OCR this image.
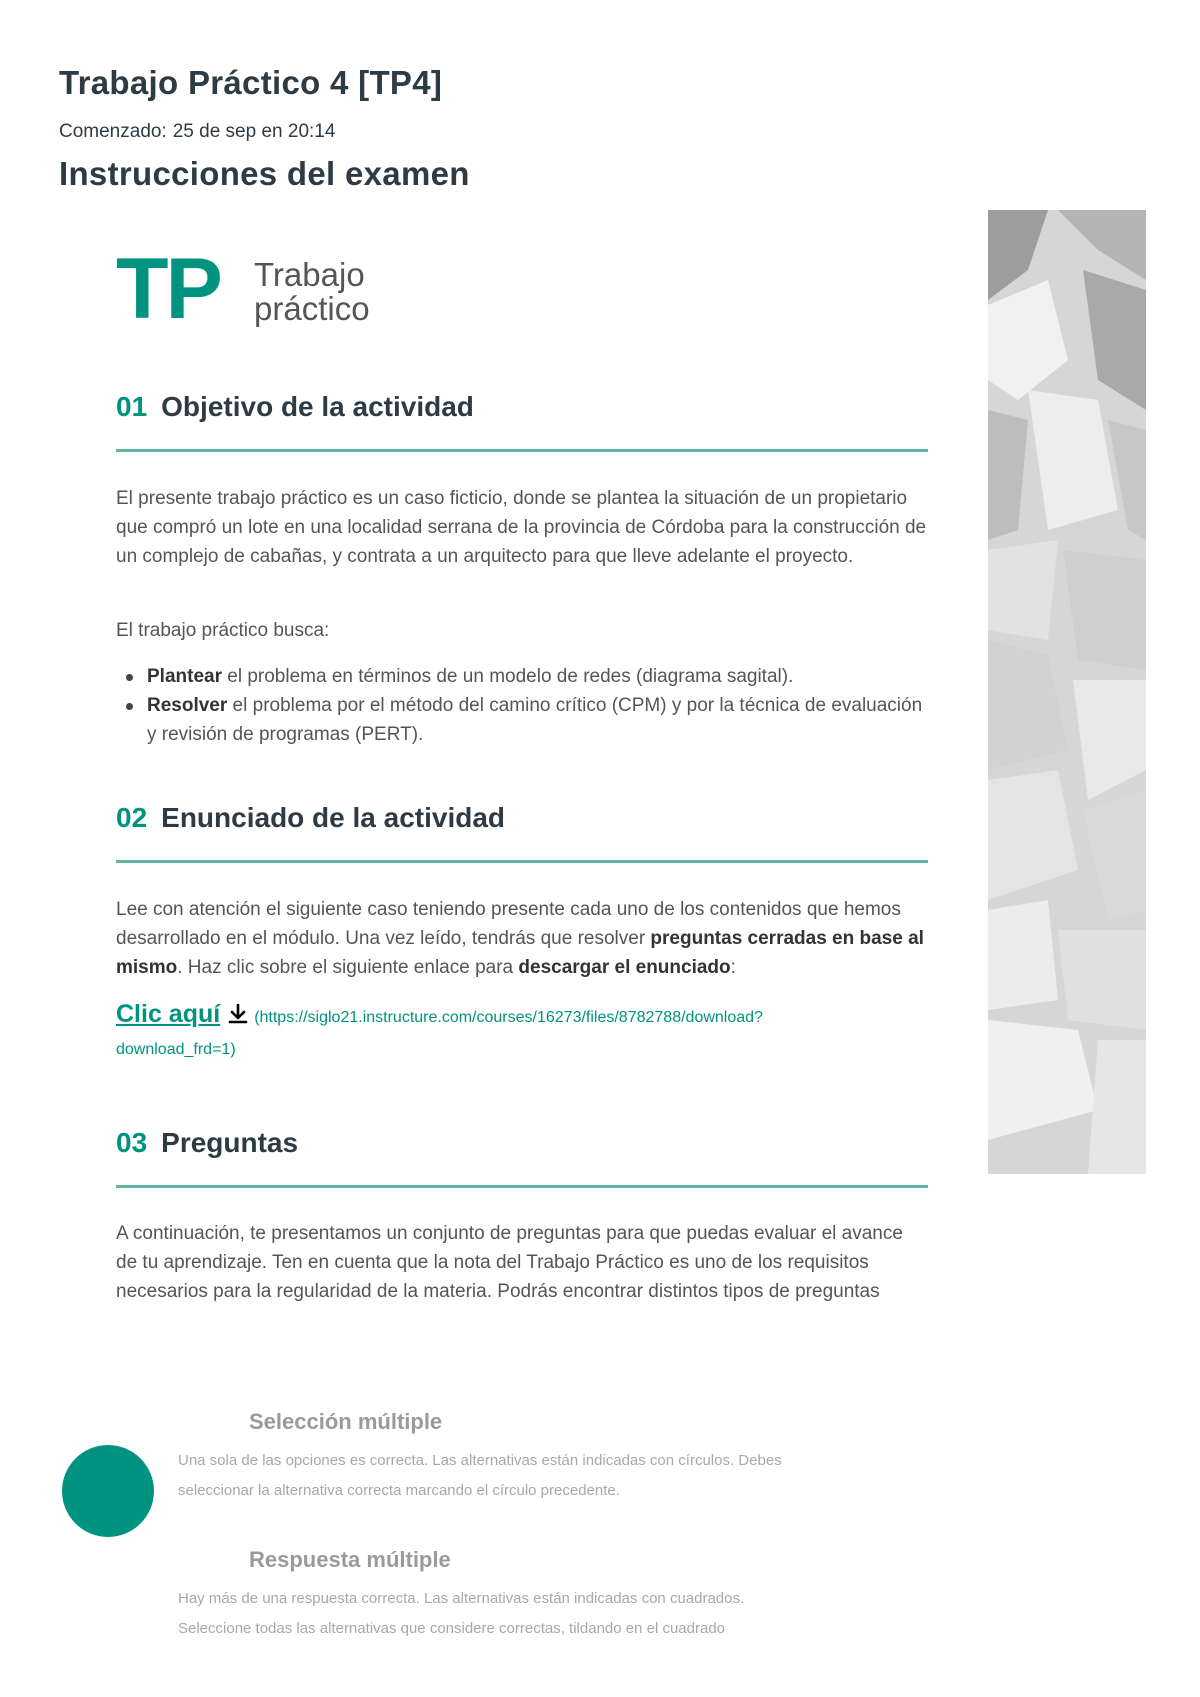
Trabajo Práctico 4 [TP4]
Comenzado: 25 de sep en 20:14
Instrucciones del examen
TP Trabajo
práctico
01 Objetivo de la actividad

El presente trabajo práctico es un caso ficticio, donde se plantea la situación de un propietario que compró un lote en una localidad serrana de la provincia de Córdoba para la construcción de un complejo de cabañas, y contrata a un arquitecto para que lleve adelante el proyecto.

El trabajo práctico busca:

Plantear el problema en términos de un modelo de redes (diagrama sagital).
Resolver el problema por el método del camino crítico (CPM) y por la técnica de evaluación y revisión de programas (PERT).
02 Enunciado de la actividad

Lee con atención el siguiente caso teniendo presente cada uno de los contenidos que hemos desarrollado en el módulo. Una vez leído, tendrás que resolver preguntas cerradas en base al mismo. Haz clic sobre el siguiente enlace para descargar el enunciado:

Clic aquí (https://siglo21.instructure.com/courses/16273/files/8782788/download?
download_frd=1)
03 Preguntas

A continuación, te presentamos un conjunto de preguntas para que puedas evaluar el avance de tu aprendizaje. Ten en cuenta que la nota del Trabajo Práctico es uno de los requisitos necesarios para la regularidad de la materia. Podrás encontrar distintos tipos de preguntas

Selección múltiple

Una sola de las opciones es correcta. Las alternativas están indicadas con círculos. Debes
seleccionar la alternativa correcta marcando el círculo precedente.

Respuesta múltiple

Hay más de una respuesta correcta. Las alternativas están indicadas con cuadrados.
Seleccione todas las alternativas que considere correctas, tildando en el cuadrado
